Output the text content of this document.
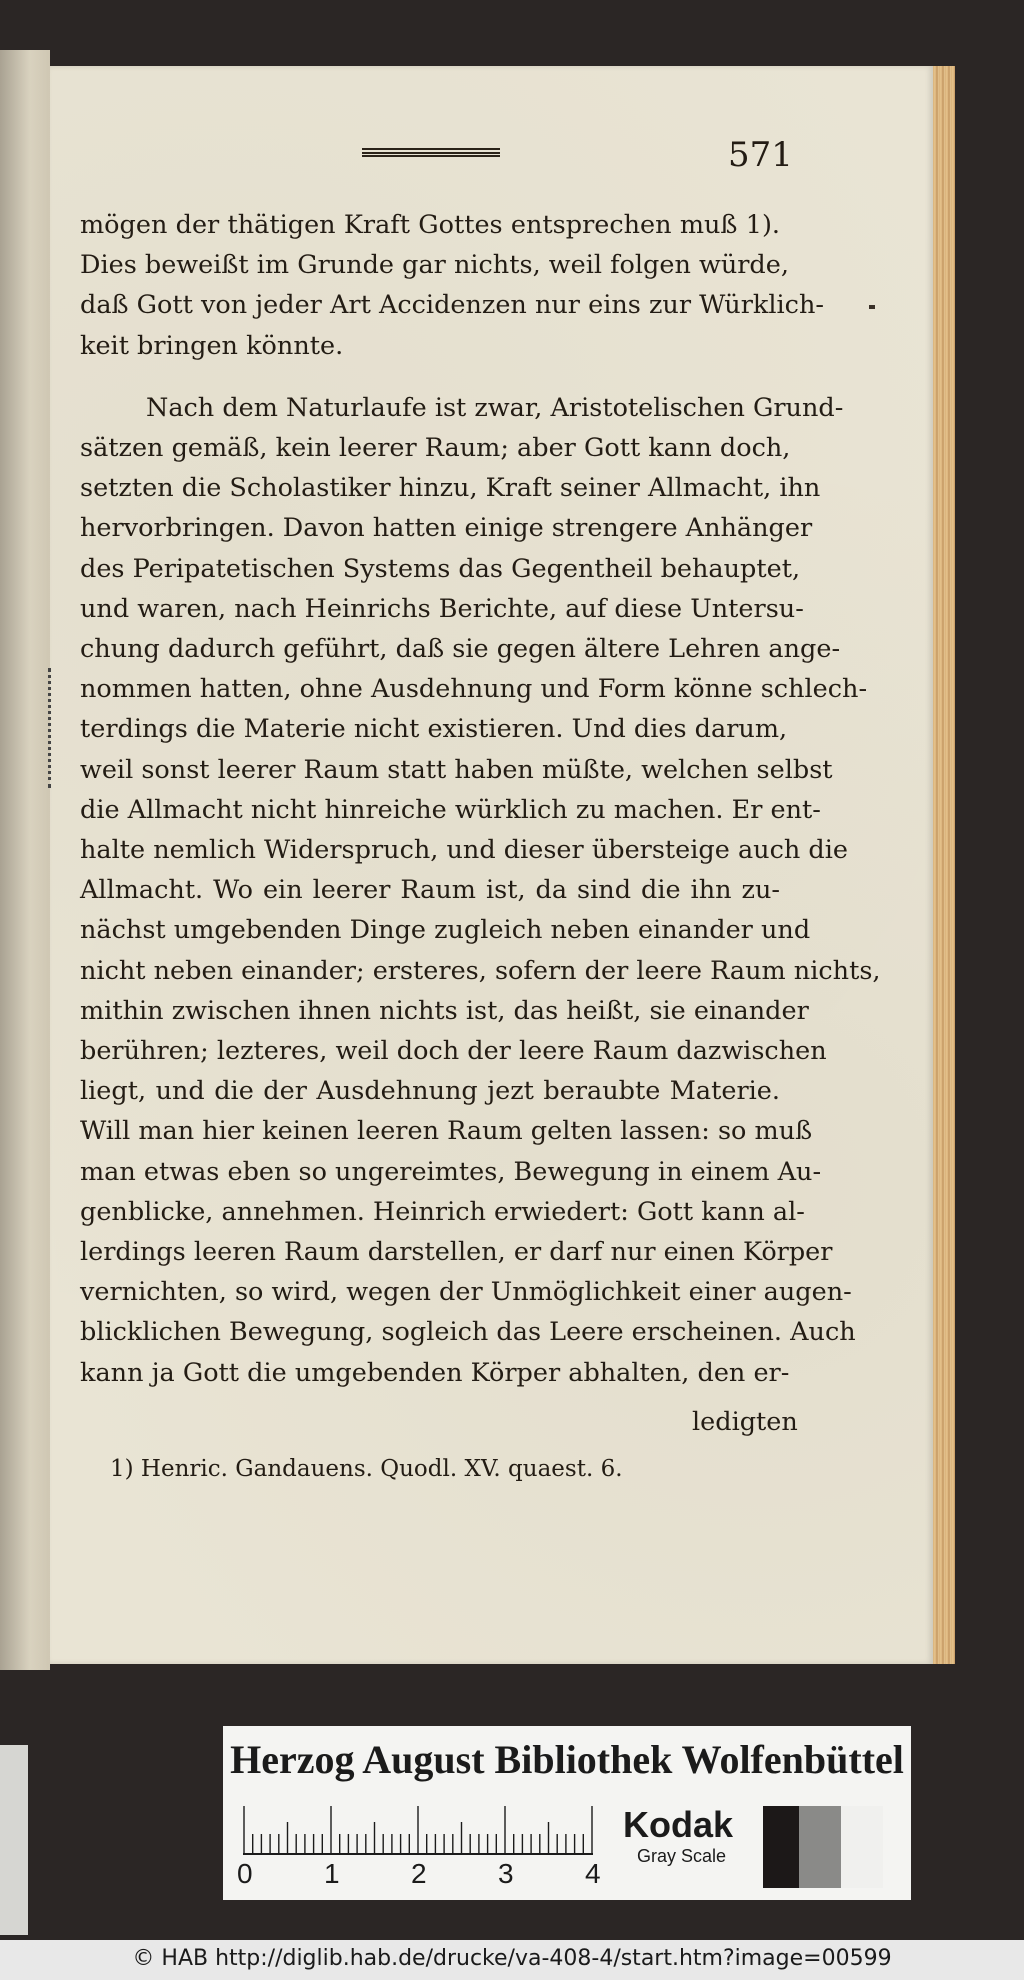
571
mögen der thätigen Kraft Gottes entsprechen muß 1).
Dies beweißt im Grunde gar nichts, weil folgen würde,
daß Gott von jeder Art Accidenzen nur eins zur Würklich-
keit bringen könnte.
Nach dem Naturlaufe ist zwar, Aristotelischen Grund-
sätzen gemäß, kein leerer Raum; aber Gott kann doch,
setzten die Scholastiker hinzu, Kraft seiner Allmacht, ihn
hervorbringen. Davon hatten einige strengere Anhänger
des Peripatetischen Systems das Gegentheil behauptet,
und waren, nach Heinrichs Berichte, auf diese Untersu-
chung dadurch geführt, daß sie gegen ältere Lehren ange-
nommen hatten, ohne Ausdehnung und Form könne schlech-
terdings die Materie nicht existieren. Und dies darum,
weil sonst leerer Raum statt haben müßte, welchen selbst
die Allmacht nicht hinreiche würklich zu machen. Er ent-
halte nemlich Widerspruch, und dieser übersteige auch die
Allmacht. Wo ein leerer Raum ist, da sind die ihn zu-
nächst umgebenden Dinge zugleich neben einander und
nicht neben einander; ersteres, sofern der leere Raum nichts,
mithin zwischen ihnen nichts ist, das heißt, sie einander
berühren; lezteres, weil doch der leere Raum dazwischen
liegt, und die der Ausdehnung jezt beraubte Materie.
Will man hier keinen leeren Raum gelten lassen: so muß
man etwas eben so ungereimtes, Bewegung in einem Au-
genblicke, annehmen. Heinrich erwiedert: Gott kann al-
lerdings leeren Raum darstellen, er darf nur einen Körper
vernichten, so wird, wegen der Unmöglichkeit einer augen-
blicklichen Bewegung, sogleich das Leere erscheinen. Auch
kann ja Gott die umgebenden Körper abhalten, den er-
ledigten
1) Henric. Gandauens. Quodl. XV. quaest. 6.
Herzog August Bibliothek Wolfenbüttel
0	1	2	3	4
Kodak
Gray Scale
© HAB http://diglib.hab.de/drucke/va-408-4/start.htm?image=00599
